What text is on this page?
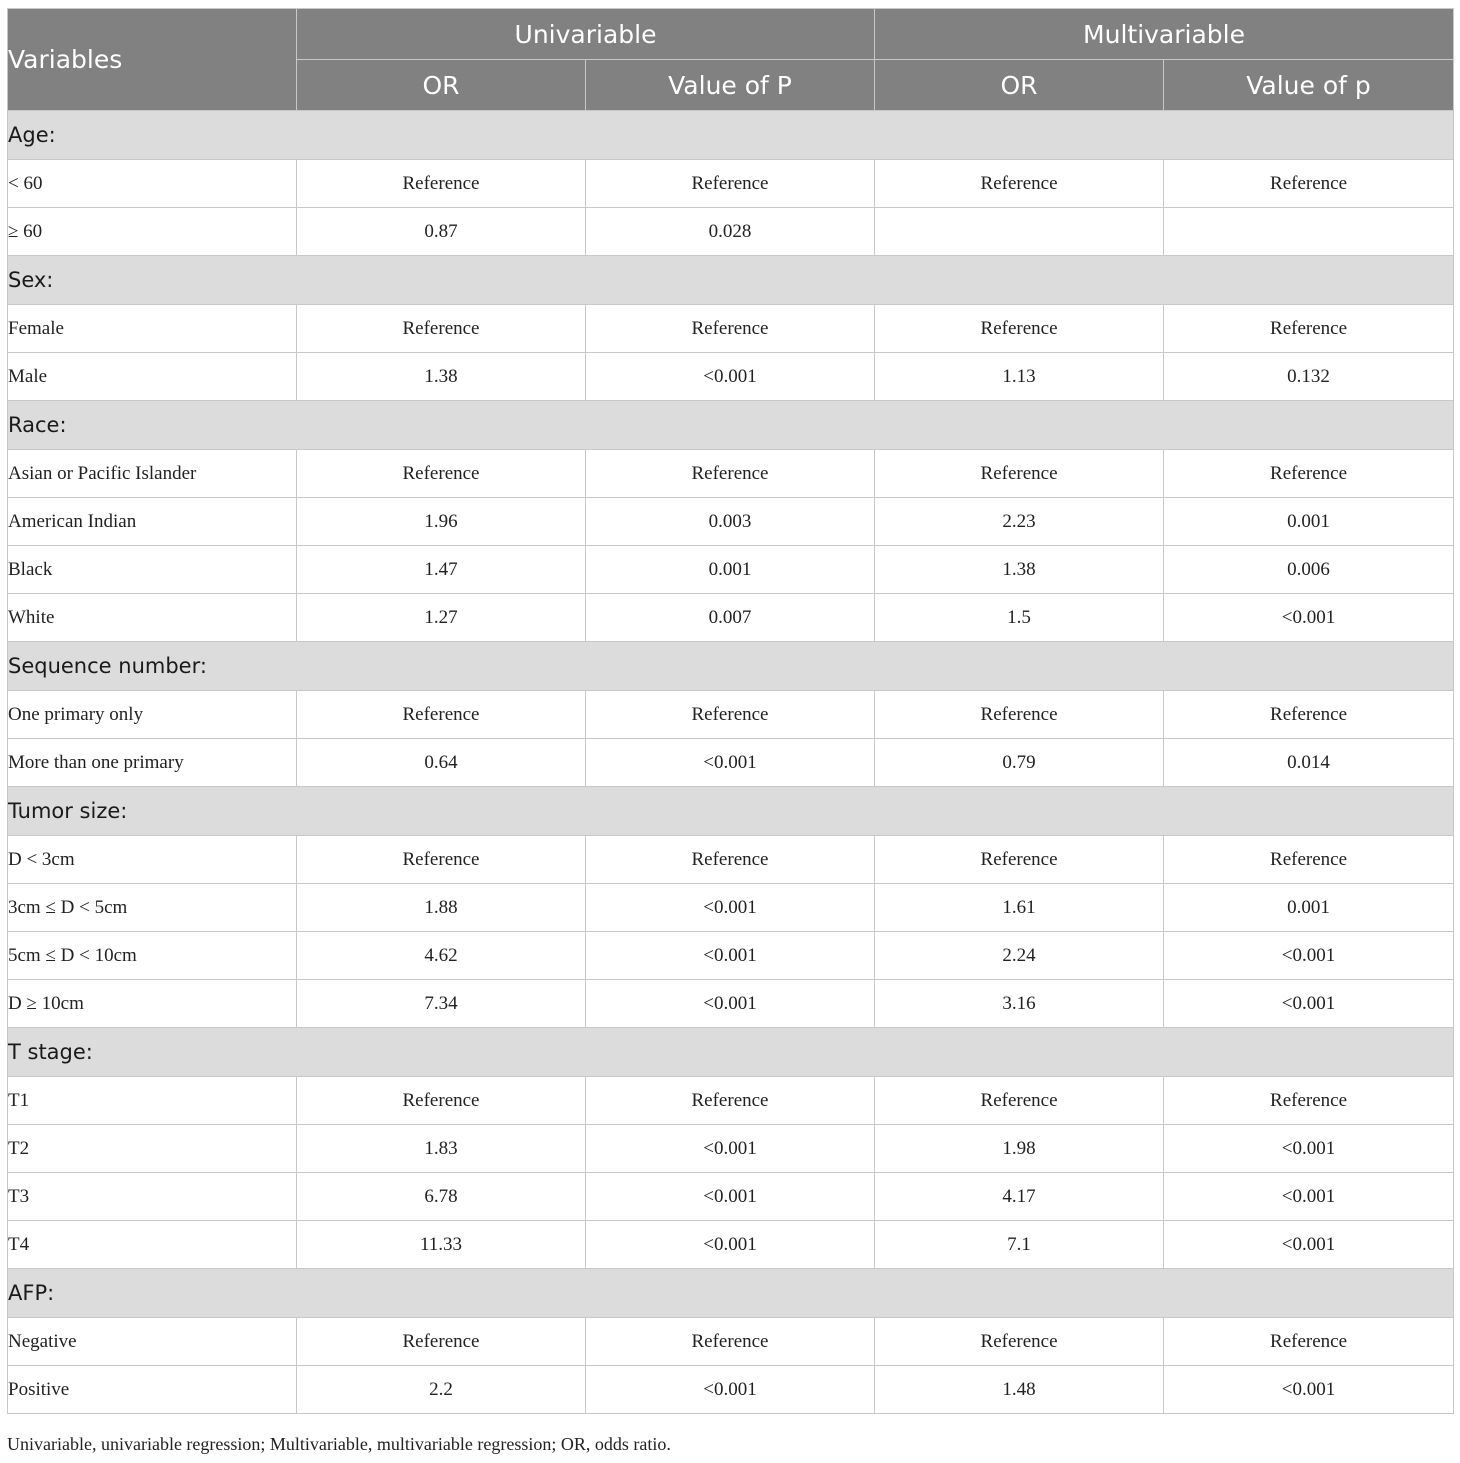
Variables	Univariable		Multivariable	
	OR	Value of P	OR	Value of p
Age:				
< 60	Reference	Reference	Reference	Reference
≥ 60	0.87	0.028		
Sex:				
Female	Reference	Reference	Reference	Reference
Male	1.38	<0.001	1.13	0.132
Race:				
Asian or Pacific Islander	Reference	Reference	Reference	Reference
American Indian	1.96	0.003	2.23	0.001
Black	1.47	0.001	1.38	0.006
White	1.27	0.007	1.5	<0.001
Sequence number:				
One primary only	Reference	Reference	Reference	Reference
More than one primary	0.64	<0.001	0.79	0.014
Tumor size:				
D < 3cm	Reference	Reference	Reference	Reference
3cm ≤ D < 5cm	1.88	<0.001	1.61	0.001
5cm ≤ D < 10cm	4.62	<0.001	2.24	<0.001
D ≥ 10cm	7.34	<0.001	3.16	<0.001
T stage:				
T1	Reference	Reference	Reference	Reference
T2	1.83	<0.001	1.98	<0.001
T3	6.78	<0.001	4.17	<0.001
T4	11.33	<0.001	7.1	<0.001
AFP:				
Negative	Reference	Reference	Reference	Reference
Positive	2.2	<0.001	1.48	<0.001
Univariable, univariable regression; Multivariable, multivariable regression; OR, odds ratio.
